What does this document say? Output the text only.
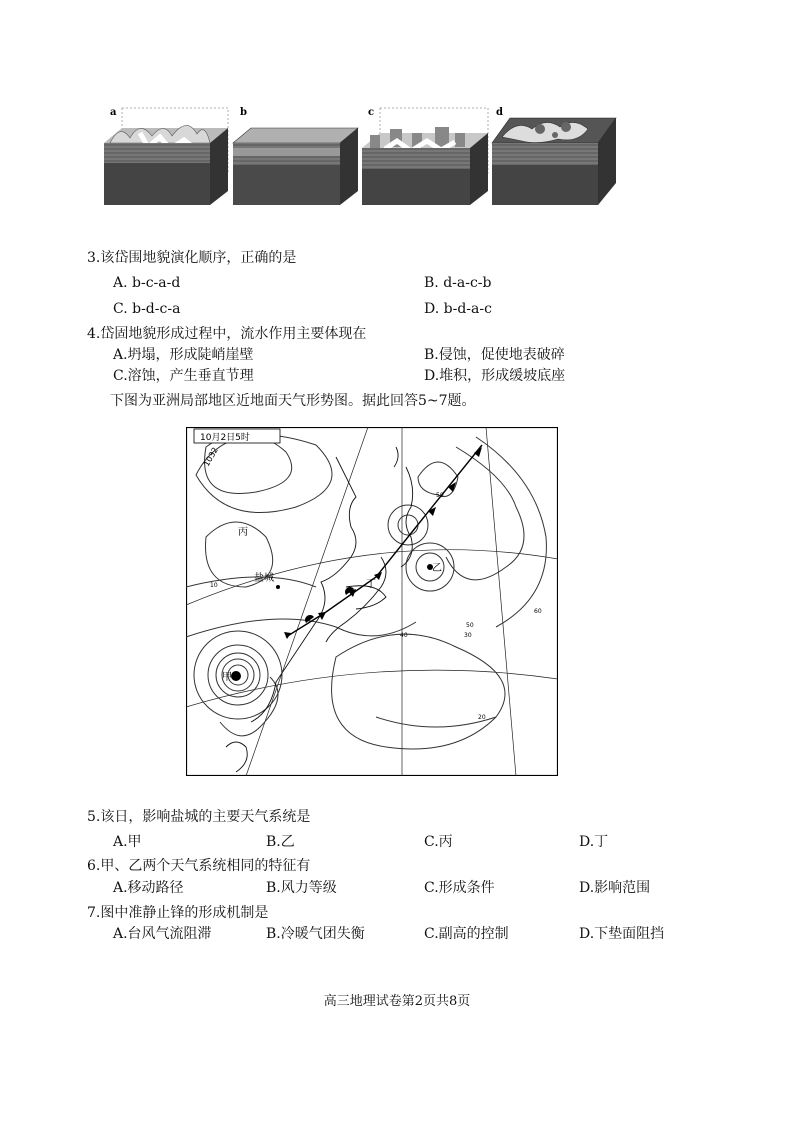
a	b	c	d
3.该岱围地貌演化顺序，正确的是
A. b-c-a-d	B. d-a-c-b
C. b-d-c-a	D. b-d-a-c
4.岱固地貌形成过程中，流水作用主要体现在
A.坍塌，形成陡峭崖壁	B.侵蚀，促使地表破碎
C.溶蚀，产生垂直节理	D.堆积，形成缓坡底座
下图为亚洲局部地区近地面天气形势图。据此回答5~7题。
10月2日5时
丙
盐城
甲
乙
丁
1032
10
50
30
40
20
60
50
5.该日，影响盐城的主要天气系统是
A.甲	B.乙	C.丙	D.丁
6.甲、乙两个天气系统相同的特征有
A.移动路径	B.风力等级	C.形成条件	D.影响范围
7.图中准静止锋的形成机制是
A.台风气流阻滞	B.冷暖气团失衡	C.副高的控制	D.下垫面阻挡
高三地理试卷第2页共8页
